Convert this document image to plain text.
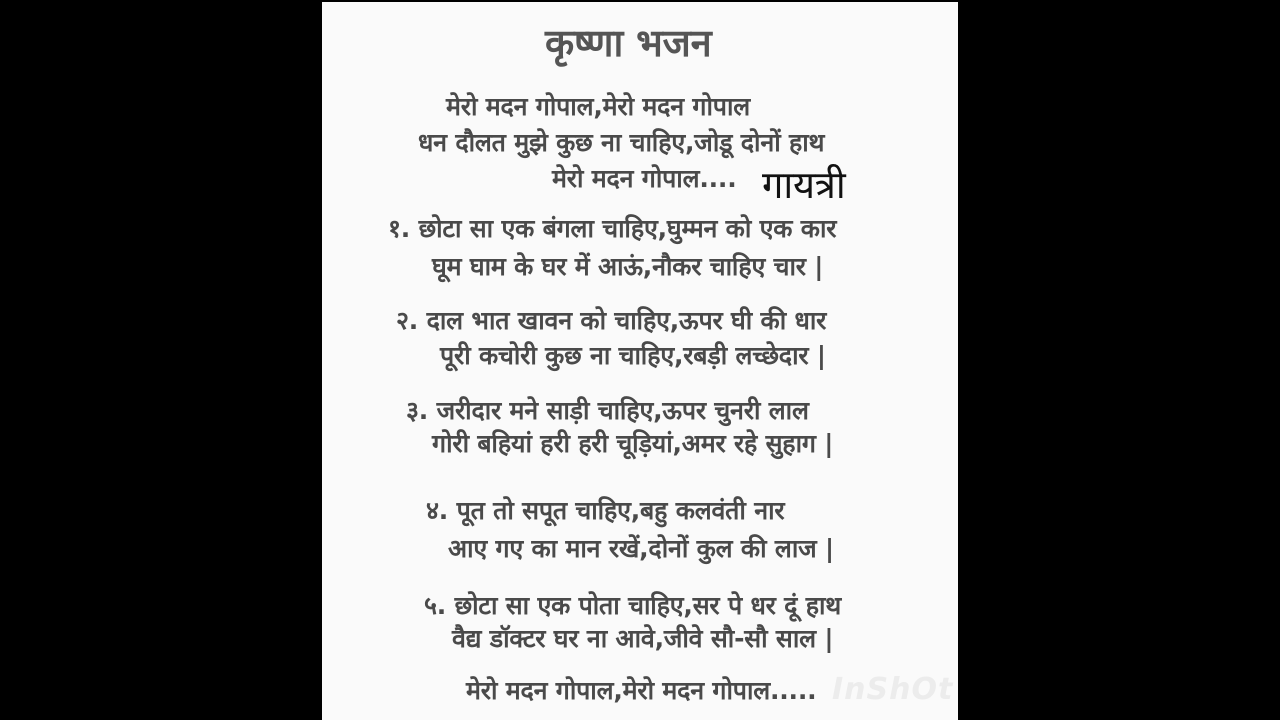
कृष्णा भजन
मेरो मदन गोपाल,मेरो मदन गोपाल
धन दौलत मुझे कुछ ना चाहिए,जोडू दोनों हाथ
मेरो मदन गोपाल.... गायत्री
१. छोटा सा एक बंगला चाहिए,घुम्मन को एक कार
घूम घाम के घर में आऊं,नौकर चाहिए चार |
२. दाल भात खावन को चाहिए,ऊपर घी की धार
पूरी कचोरी कुछ ना चाहिए,रबड़ी लच्छेदार |
३. जरीदार मने साड़ी चाहिए,ऊपर चुनरी लाल
गोरी बहियां हरी हरी चूड़ियां,अमर रहे सुहाग |
४. पूत तो सपूत चाहिए,बहु कलवंती नार
आए गए का मान रखें,दोनों कुल की लाज |
५. छोटा सा एक पोता चाहिए,सर पे धर दूं हाथ
वैद्य डॉक्टर घर ना आवे,जीवे सौ-सौ साल |
मेरो मदन गोपाल,मेरो मदन गोपाल..... InShOt
